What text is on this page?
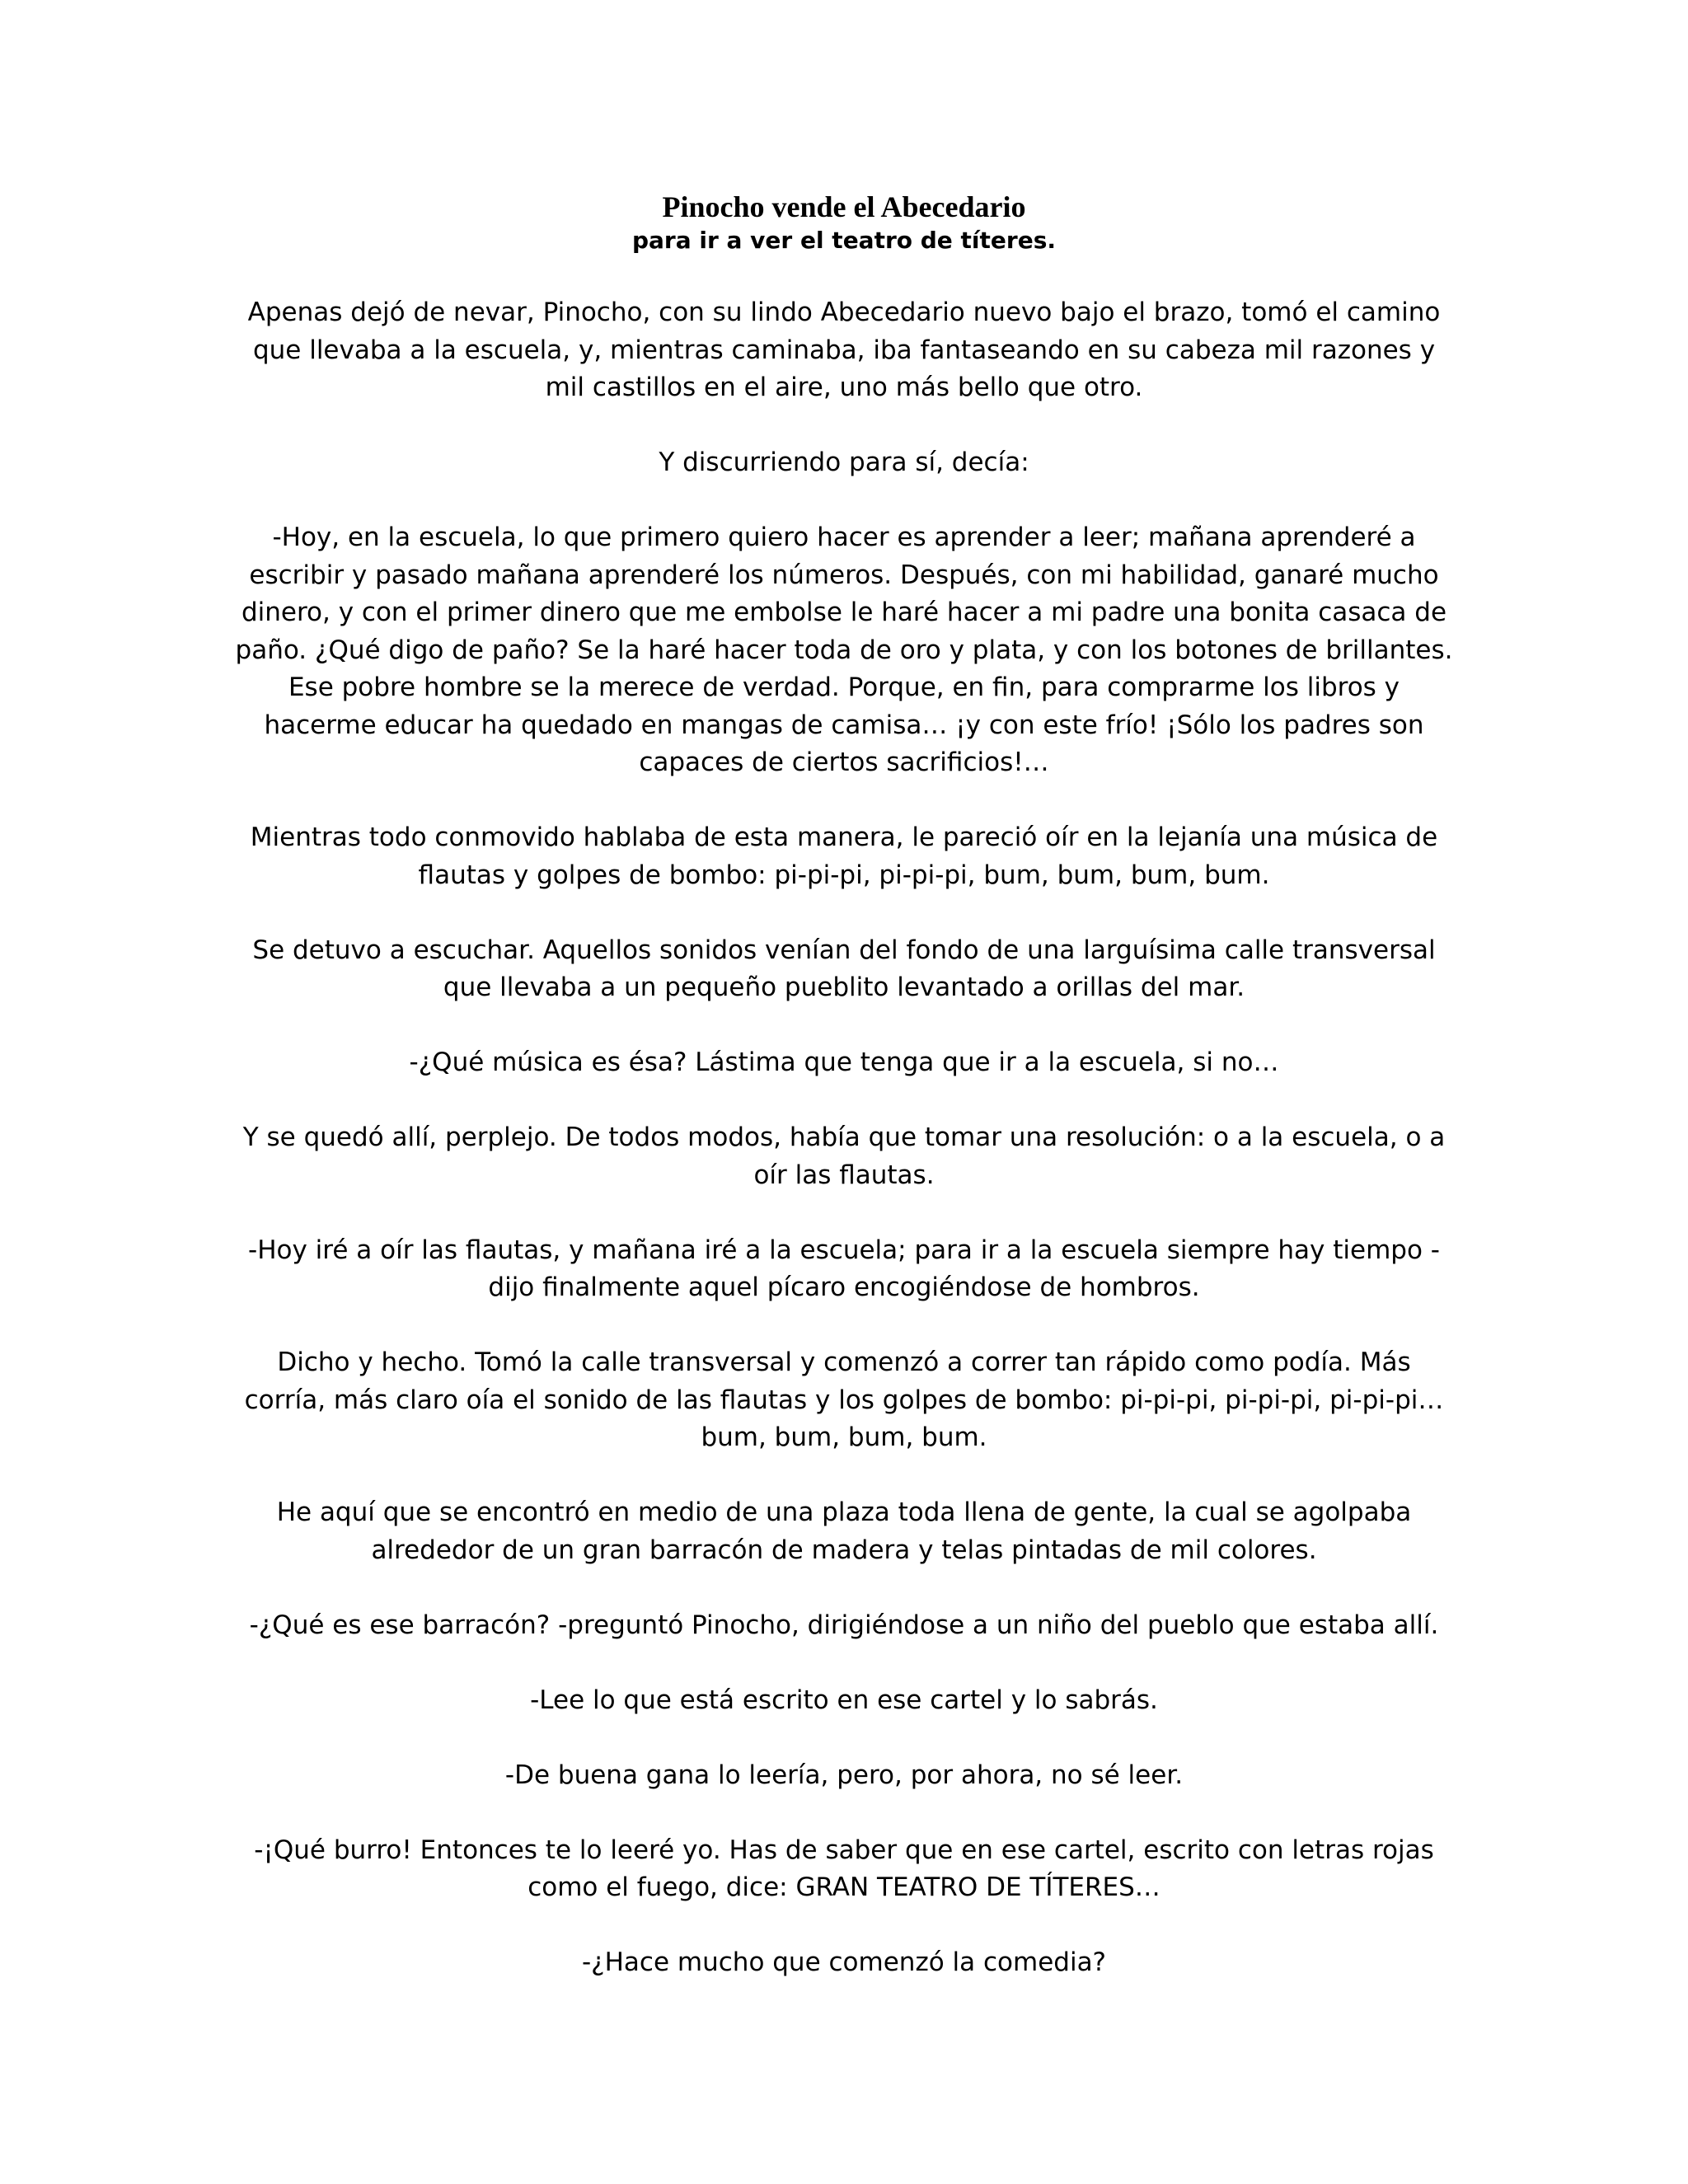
Pinocho vende el Abecedario
para ir a ver el teatro de títeres.

Apenas dejó de nevar, Pinocho, con su lindo Abecedario nuevo bajo el brazo, tomó el camino que llevaba a la escuela, y, mientras caminaba, iba fantaseando en su cabeza mil razones y mil castillos en el aire, uno más bello que otro.

Y discurriendo para sí, decía:

-Hoy, en la escuela, lo que primero quiero hacer es aprender a leer; mañana aprenderé a escribir y pasado mañana aprenderé los números. Después, con mi habilidad, ganaré mucho dinero, y con el primer dinero que me embolse le haré hacer a mi padre una bonita casaca de paño. ¿Qué digo de paño? Se la haré hacer toda de oro y plata, y con los botones de brillantes. Ese pobre hombre se la merece de verdad. Porque, en fin, para comprarme los libros y hacerme educar ha quedado en mangas de camisa… ¡y con este frío! ¡Sólo los padres son capaces de ciertos sacrificios!…

Mientras todo conmovido hablaba de esta manera, le pareció oír en la lejanía una música de flautas y golpes de bombo: pi-pi-pi, pi-pi-pi, bum, bum, bum, bum.

Se detuvo a escuchar. Aquellos sonidos venían del fondo de una larguísima calle transversal que llevaba a un pequeño pueblito levantado a orillas del mar.

-¿Qué música es ésa? Lástima que tenga que ir a la escuela, si no…

Y se quedó allí, perplejo. De todos modos, había que tomar una resolución: o a la escuela, o a oír las flautas.

-Hoy iré a oír las flautas, y mañana iré a la escuela; para ir a la escuela siempre hay tiempo -dijo finalmente aquel pícaro encogiéndose de hombros.

Dicho y hecho. Tomó la calle transversal y comenzó a correr tan rápido como podía. Más corría, más claro oía el sonido de las flautas y los golpes de bombo: pi-pi-pi, pi-pi-pi, pi-pi-pi… bum, bum, bum, bum.

He aquí que se encontró en medio de una plaza toda llena de gente, la cual se agolpaba alrededor de un gran barracón de madera y telas pintadas de mil colores.

-¿Qué es ese barracón? -preguntó Pinocho, dirigiéndose a un niño del pueblo que estaba allí.

-Lee lo que está escrito en ese cartel y lo sabrás.

-De buena gana lo leería, pero, por ahora, no sé leer.

-¡Qué burro! Entonces te lo leeré yo. Has de saber que en ese cartel, escrito con letras rojas como el fuego, dice: GRAN TEATRO DE TÍTERES…

-¿Hace mucho que comenzó la comedia?
